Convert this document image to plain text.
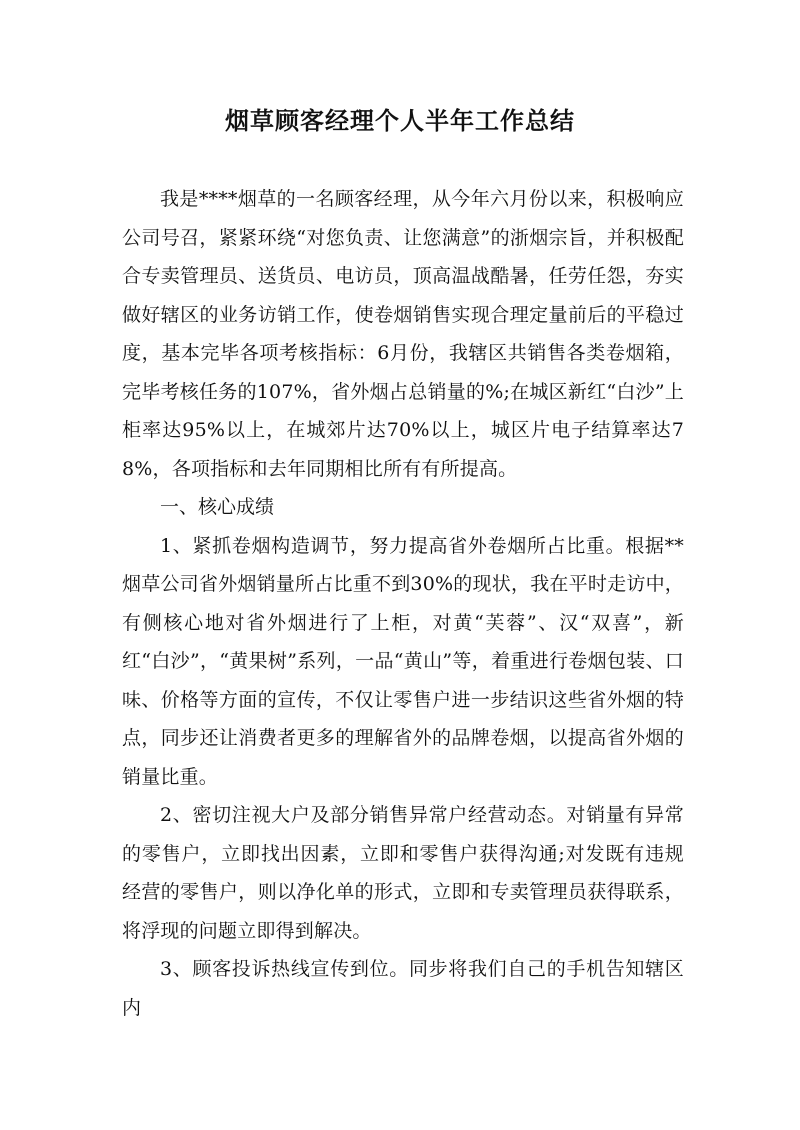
烟草顾客经理个人半年工作总结

我是****烟草的一名顾客经理，从今年六月份以来，积极响应公司号召，紧紧环绕“对您负责、让您满意”的浙烟宗旨，并积极配合专卖管理员、送货员、电访员，顶高温战酷暑，任劳任怨，夯实做好辖区的业务访销工作，使卷烟销售实现合理定量前后的平稳过度，基本完毕各项考核指标：6月份，我辖区共销售各类卷烟箱，完毕考核任务的107%，省外烟占总销量的%;在城区新红“白沙”上柜率达95%以上，在城郊片达70%以上，城区片电子结算率达78%，各项指标和去年同期相比所有有所提高。

一、核心成绩

1、紧抓卷烟构造调节，努力提高省外卷烟所占比重。根据**烟草公司省外烟销量所占比重不到30%的现状，我在平时走访中，有侧核心地对省外烟进行了上柜，对黄“芙蓉”、汉“双喜”，新红“白沙”，“黄果树”系列，一品“黄山”等，着重进行卷烟包装、口味、价格等方面的宣传，不仅让零售户进一步结识这些省外烟的特点，同步还让消费者更多的理解省外的品牌卷烟，以提高省外烟的销量比重。

2、密切注视大户及部分销售异常户经营动态。对销量有异常的零售户，立即找出因素，立即和零售户获得沟通;对发既有违规经营的零售户，则以净化单的形式，立即和专卖管理员获得联系，将浮现的问题立即得到解决。

3、顾客投诉热线宣传到位。同步将我们自己的手机告知辖区内
